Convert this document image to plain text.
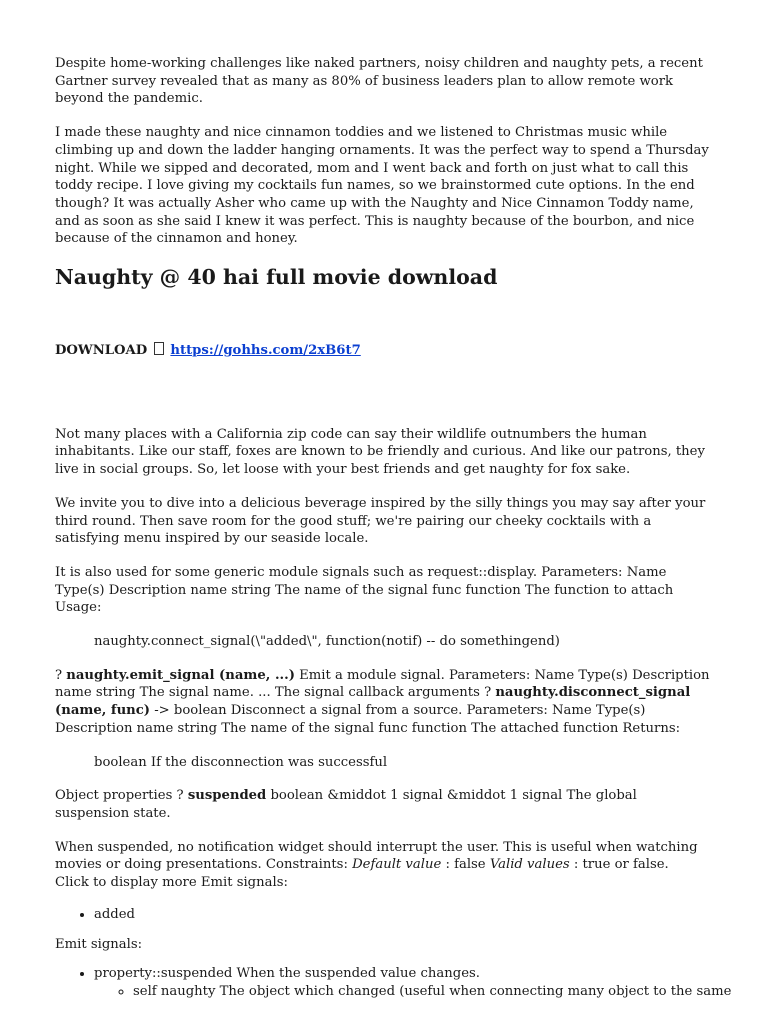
Despite home-working challenges like naked partners, noisy children and naughty pets, a recent Gartner survey revealed that as many as 80% of business leaders plan to allow remote work beyond the pandemic.

I made these naughty and nice cinnamon toddies and we listened to Christmas music while climbing up and down the ladder hanging ornaments. It was the perfect way to spend a Thursday night. While we sipped and decorated, mom and I went back and forth on just what to call this toddy recipe. I love giving my cocktails fun names, so we brainstormed cute options. In the end though? It was actually Asher who came up with the Naughty and Nice Cinnamon Toddy name, and as soon as she said I knew it was perfect. This is naughty because of the bourbon, and nice because of the cinnamon and honey.

Naughty @ 40 hai full movie download
DOWNLOAD https://gohhs.com/2xB6t7

Not many places with a California zip code can say their wildlife outnumbers the human inhabitants. Like our staff, foxes are known to be friendly and curious. And like our patrons, they live in social groups. So, let loose with your best friends and get naughty for fox sake.

We invite you to dive into a delicious beverage inspired by the silly things you may say after your third round. Then save room for the good stuff; we're pairing our cheeky cocktails with a satisfying menu inspired by our seaside locale.

It is also used for some generic module signals such as request::display. Parameters: Name Type(s) Description name string The name of the signal func function The function to attach Usage:

naughty.connect_signal(\"added\", function(notif) -- do somethingend)

? naughty.emit_signal (name, ...) Emit a module signal. Parameters: Name Type(s) Description name string The signal name. ... The signal callback arguments ? naughty.disconnect_signal (name, func) -> boolean Disconnect a signal from a source. Parameters: Name Type(s) Description name string The name of the signal func function The attached function Returns:

boolean If the disconnection was successful

Object properties ? suspended boolean &middot 1 signal &middot 1 signal The global suspension state.

When suspended, no notification widget should interrupt the user. This is useful when watching movies or doing presentations. Constraints: Default value : false Valid values : true or false.
Click to display more Emit signals:

• added

Emit signals:

• property::suspended When the suspended value changes.
◦ self naughty The object which changed (useful when connecting many object to the same
